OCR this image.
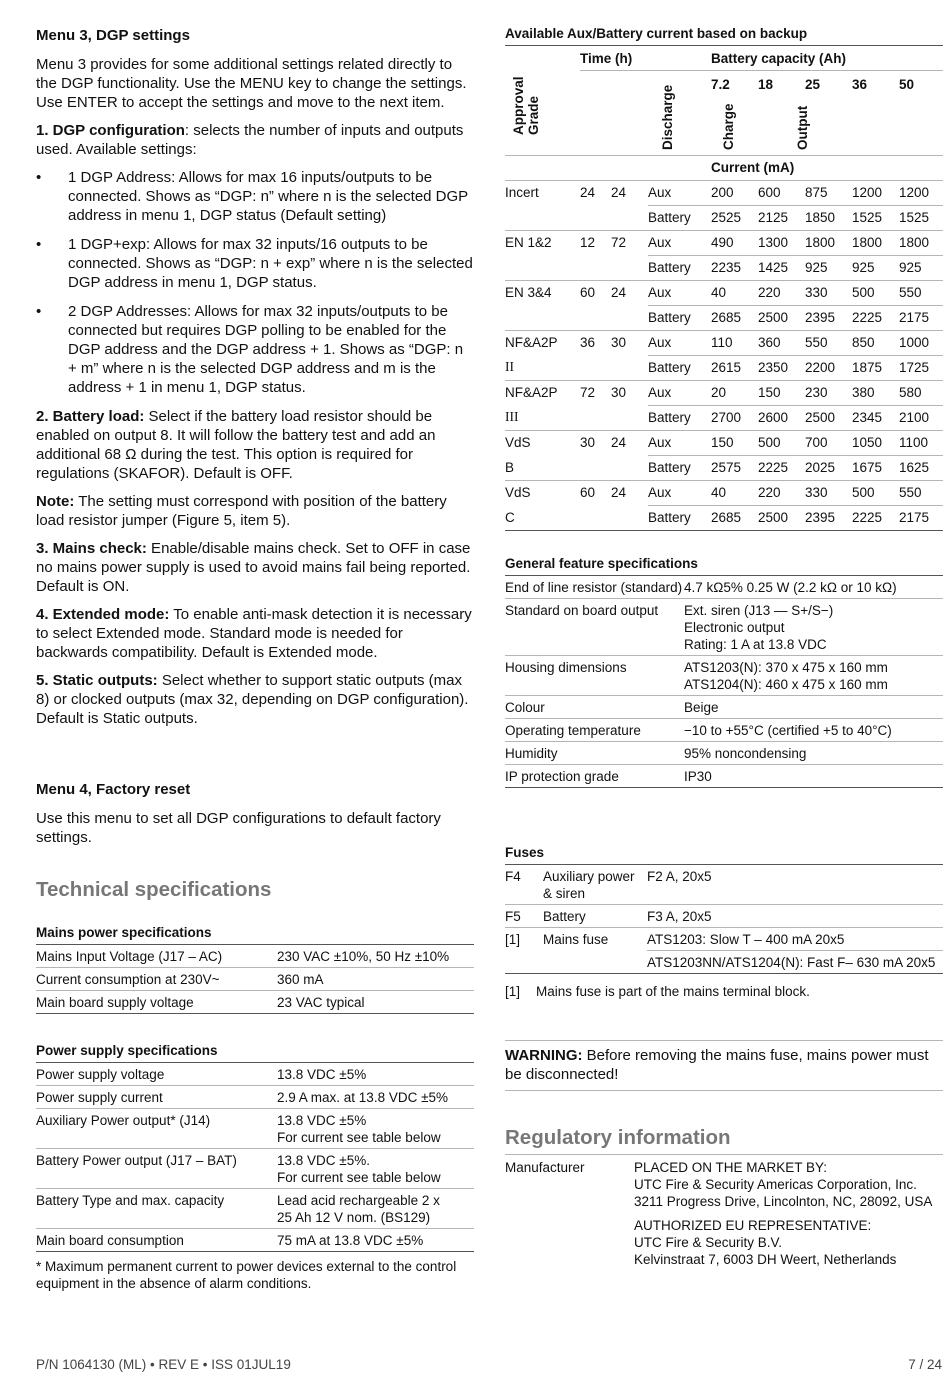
Menu 3, DGP settings

Menu 3 provides for some additional settings related directly to the DGP functionality. Use the MENU key to change the settings. Use ENTER to accept the settings and move to the next item.

1. DGP configuration: selects the number of inputs and outputs used. Available settings:

• 1 DGP Address: Allows for max 16 inputs/outputs to be connected. Shows as “DGP: n” where n is the selected DGP address in menu 1, DGP status (Default setting)
• 1 DGP+exp: Allows for max 32 inputs/16 outputs to be connected. Shows as “DGP: n + exp” where n is the selected DGP address in menu 1, DGP status.
• 2 DGP Addresses: Allows for max 32 inputs/outputs to be connected but requires DGP polling to be enabled for the DGP address and the DGP address + 1. Shows as “DGP: n + m” where n is the selected DGP address and m is the address + 1 in menu 1, DGP status.

2. Battery load: Select if the battery load resistor should be enabled on output 8. It will follow the battery test and add an additional 68 Ω during the test. This option is required for regulations (SKAFOR). Default is OFF.

Note: The setting must correspond with position of the battery load resistor jumper (Figure 5, item 5).

3. Mains check: Enable/disable mains check. Set to OFF in case no mains power supply is used to avoid mains fail being reported. Default is ON.

4. Extended mode: To enable anti-mask detection it is necessary to select Extended mode. Standard mode is needed for backwards compatibility. Default is Extended mode.

5. Static outputs: Select whether to support static outputs (max 8) or clocked outputs (max 32, depending on DGP configuration). Default is Static outputs.

Menu 4, Factory reset

Use this menu to set all DGP configurations to default factory settings.

Technical specifications
Mains power specifications
Mains Input Voltage (J17 – AC)	230 VAC ±10%, 50 Hz ±10%
Current consumption at 230V~	360 mA
Main board supply voltage	23 VAC typical
Power supply specifications
Power supply voltage	13.8 VDC ±5%
Power supply current	2.9 A max. at 13.8 VDC ±5%
Auxiliary Power output* (J14)	13.8 VDC ±5%
For current see table below

Battery Power output (J17 – BAT)	13.8 VDC ±5%.
For current see table below

Battery Type and max. capacity	Lead acid rechargeable 2 x
25 Ah 12 V nom. (BS129)

Main board consumption	75 mA at 13.8 VDC ±5%
* Maximum permanent current to power devices external to the control equipment in the absence of alarm conditions.
Available Aux/Battery current based on backup
	Time (h)			Battery capacity (Ah)				

Approval Grade	Discharge	Charge	Output	7.2	18	25	36	50
				Current (mA)				
Incert	24	24	Aux	200	600	875	1200	1200
			Battery	2525	2125	1850	1525	1525
EN 1&2	12	72	Aux	490	1300	1800	1800	1800
			Battery	2235	1425	925	925	925
EN 3&4	60	24	Aux	40	220	330	500	550
			Battery	2685	2500	2395	2225	2175
NF&A2P	36	30	Aux	110	360	550	850	1000
II			Battery	2615	2350	2200	1875	1725
NF&A2P	72	30	Aux	20	150	230	380	580
III			Battery	2700	2600	2500	2345	2100
VdS	30	24	Aux	150	500	700	1050	1100
B			Battery	2575	2225	2025	1675	1625
VdS	60	24	Aux	40	220	330	500	550
C			Battery	2685	2500	2395	2225	2175
General feature specifications
End of line resistor (standard)	4.7 kΩ5% 0.25 W (2.2 kΩ or 10 kΩ)
Standard on board output	Ext. siren (J13 — S+/S−)
Electronic output
Rating: 1 A at 13.8 VDC

Housing dimensions	ATS1203(N): 370 x 475 x 160 mm
ATS1204(N): 460 x 475 x 160 mm

Colour	Beige
Operating temperature	−10 to +55°C (certified +5 to 40°C)
Humidity	95% noncondensing
IP protection grade	IP30
Fuses
F4	Auxiliary power & siren	F2 A, 20x5
F5	Battery	F3 A, 20x5
[1]	Mains fuse	ATS1203: Slow T – 400 mA 20x5
		ATS1203NN/ATS1204(N): Fast F– 630 mA 20x5
[1]	Mains fuse is part of the mains terminal block.
WARNING: Before removing the mains fuse, mains power must be disconnected!
Regulatory information
Manufacturer	PLACED ON THE MARKET BY:
UTC Fire & Security Americas Corporation, Inc.
3211 Progress Drive, Lincolnton, NC, 28092, USA
AUTHORIZED EU REPRESENTATIVE:
UTC Fire & Security B.V.
Kelvinstraat 7, 6003 DH Weert, Netherlands
P/N 1064130 (ML) • REV E • ISS 01JUL19	7 / 24
